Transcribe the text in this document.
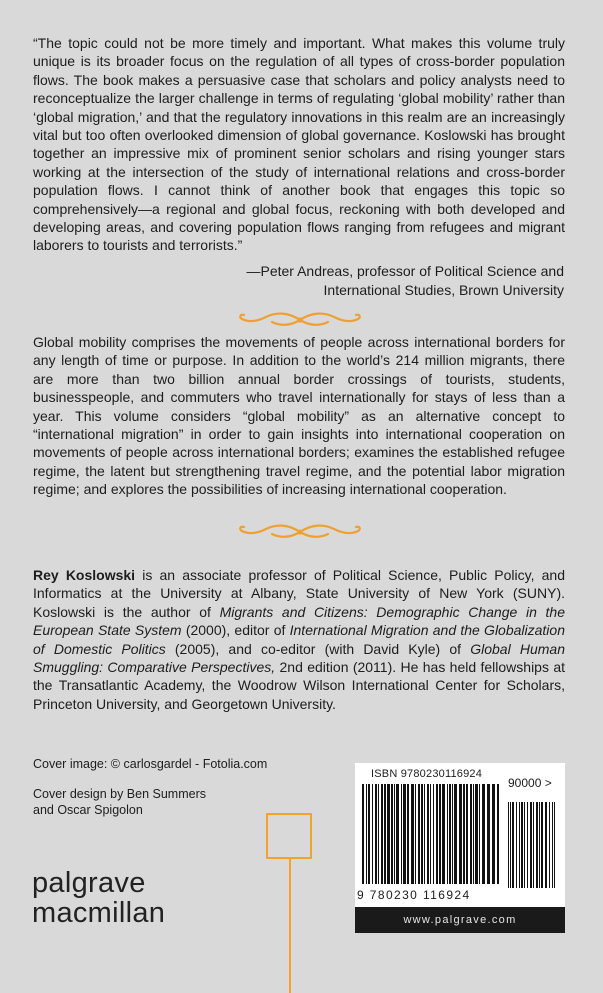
“The topic could not be more timely and important. What makes this volume truly unique is its broader focus on the regulation of all types of cross-border population flows. The book makes a persuasive case that scholars and policy analysts need to reconceptualize the larger challenge in terms of regulating ‘global mobility’ rather than ‘global migration,’ and that the regulatory innovations in this realm are an increasingly vital but too often overlooked dimension of global governance. Koslowski has brought together an impressive mix of prominent senior scholars and rising younger stars working at the intersection of the study of international relations and cross-border population flows. I cannot think of another book that engages this topic so comprehensively—a regional and global focus, reckoning with both developed and developing areas, and covering population flows ranging from refugees and migrant laborers to tourists and terrorists.”
—Peter Andreas, professor of Political Science and
International Studies, Brown University
Global mobility comprises the movements of people across international borders for any length of time or purpose. In addition to the world’s 214 million migrants, there are more than two billion annual border crossings of tourists, students, businesspeople, and commuters who travel internationally for stays of less than a year. This volume considers “global mobility” as an alternative concept to “international migration” in order to gain insights into international cooperation on movements of people across international borders; examines the established refugee regime, the latent but strengthening travel regime, and the potential labor migration regime; and explores the possibilities of increasing international cooperation.
Rey Koslowski is an associate professor of Political Science, Public Policy, and Informatics at the University at Albany, State University of New York (SUNY). Koslowski is the author of Migrants and Citizens: Demographic Change in the European State System (2000), editor of International Migration and the Globalization of Domestic Politics (2005), and co-editor (with David Kyle) of Global Human Smuggling: Comparative Perspectives, 2nd edition (2011). He has held fellowships at the Transatlantic Academy, the Woodrow Wilson International Center for Scholars, Princeton University, and Georgetown University.
Cover image: © carlosgardel - Fotolia.com
Cover design by Ben Summers
and Oscar Spigolon
palgrave
macmillan
ISBN 9780230116924
90000 >
9 780230 116924
www.palgrave.com
